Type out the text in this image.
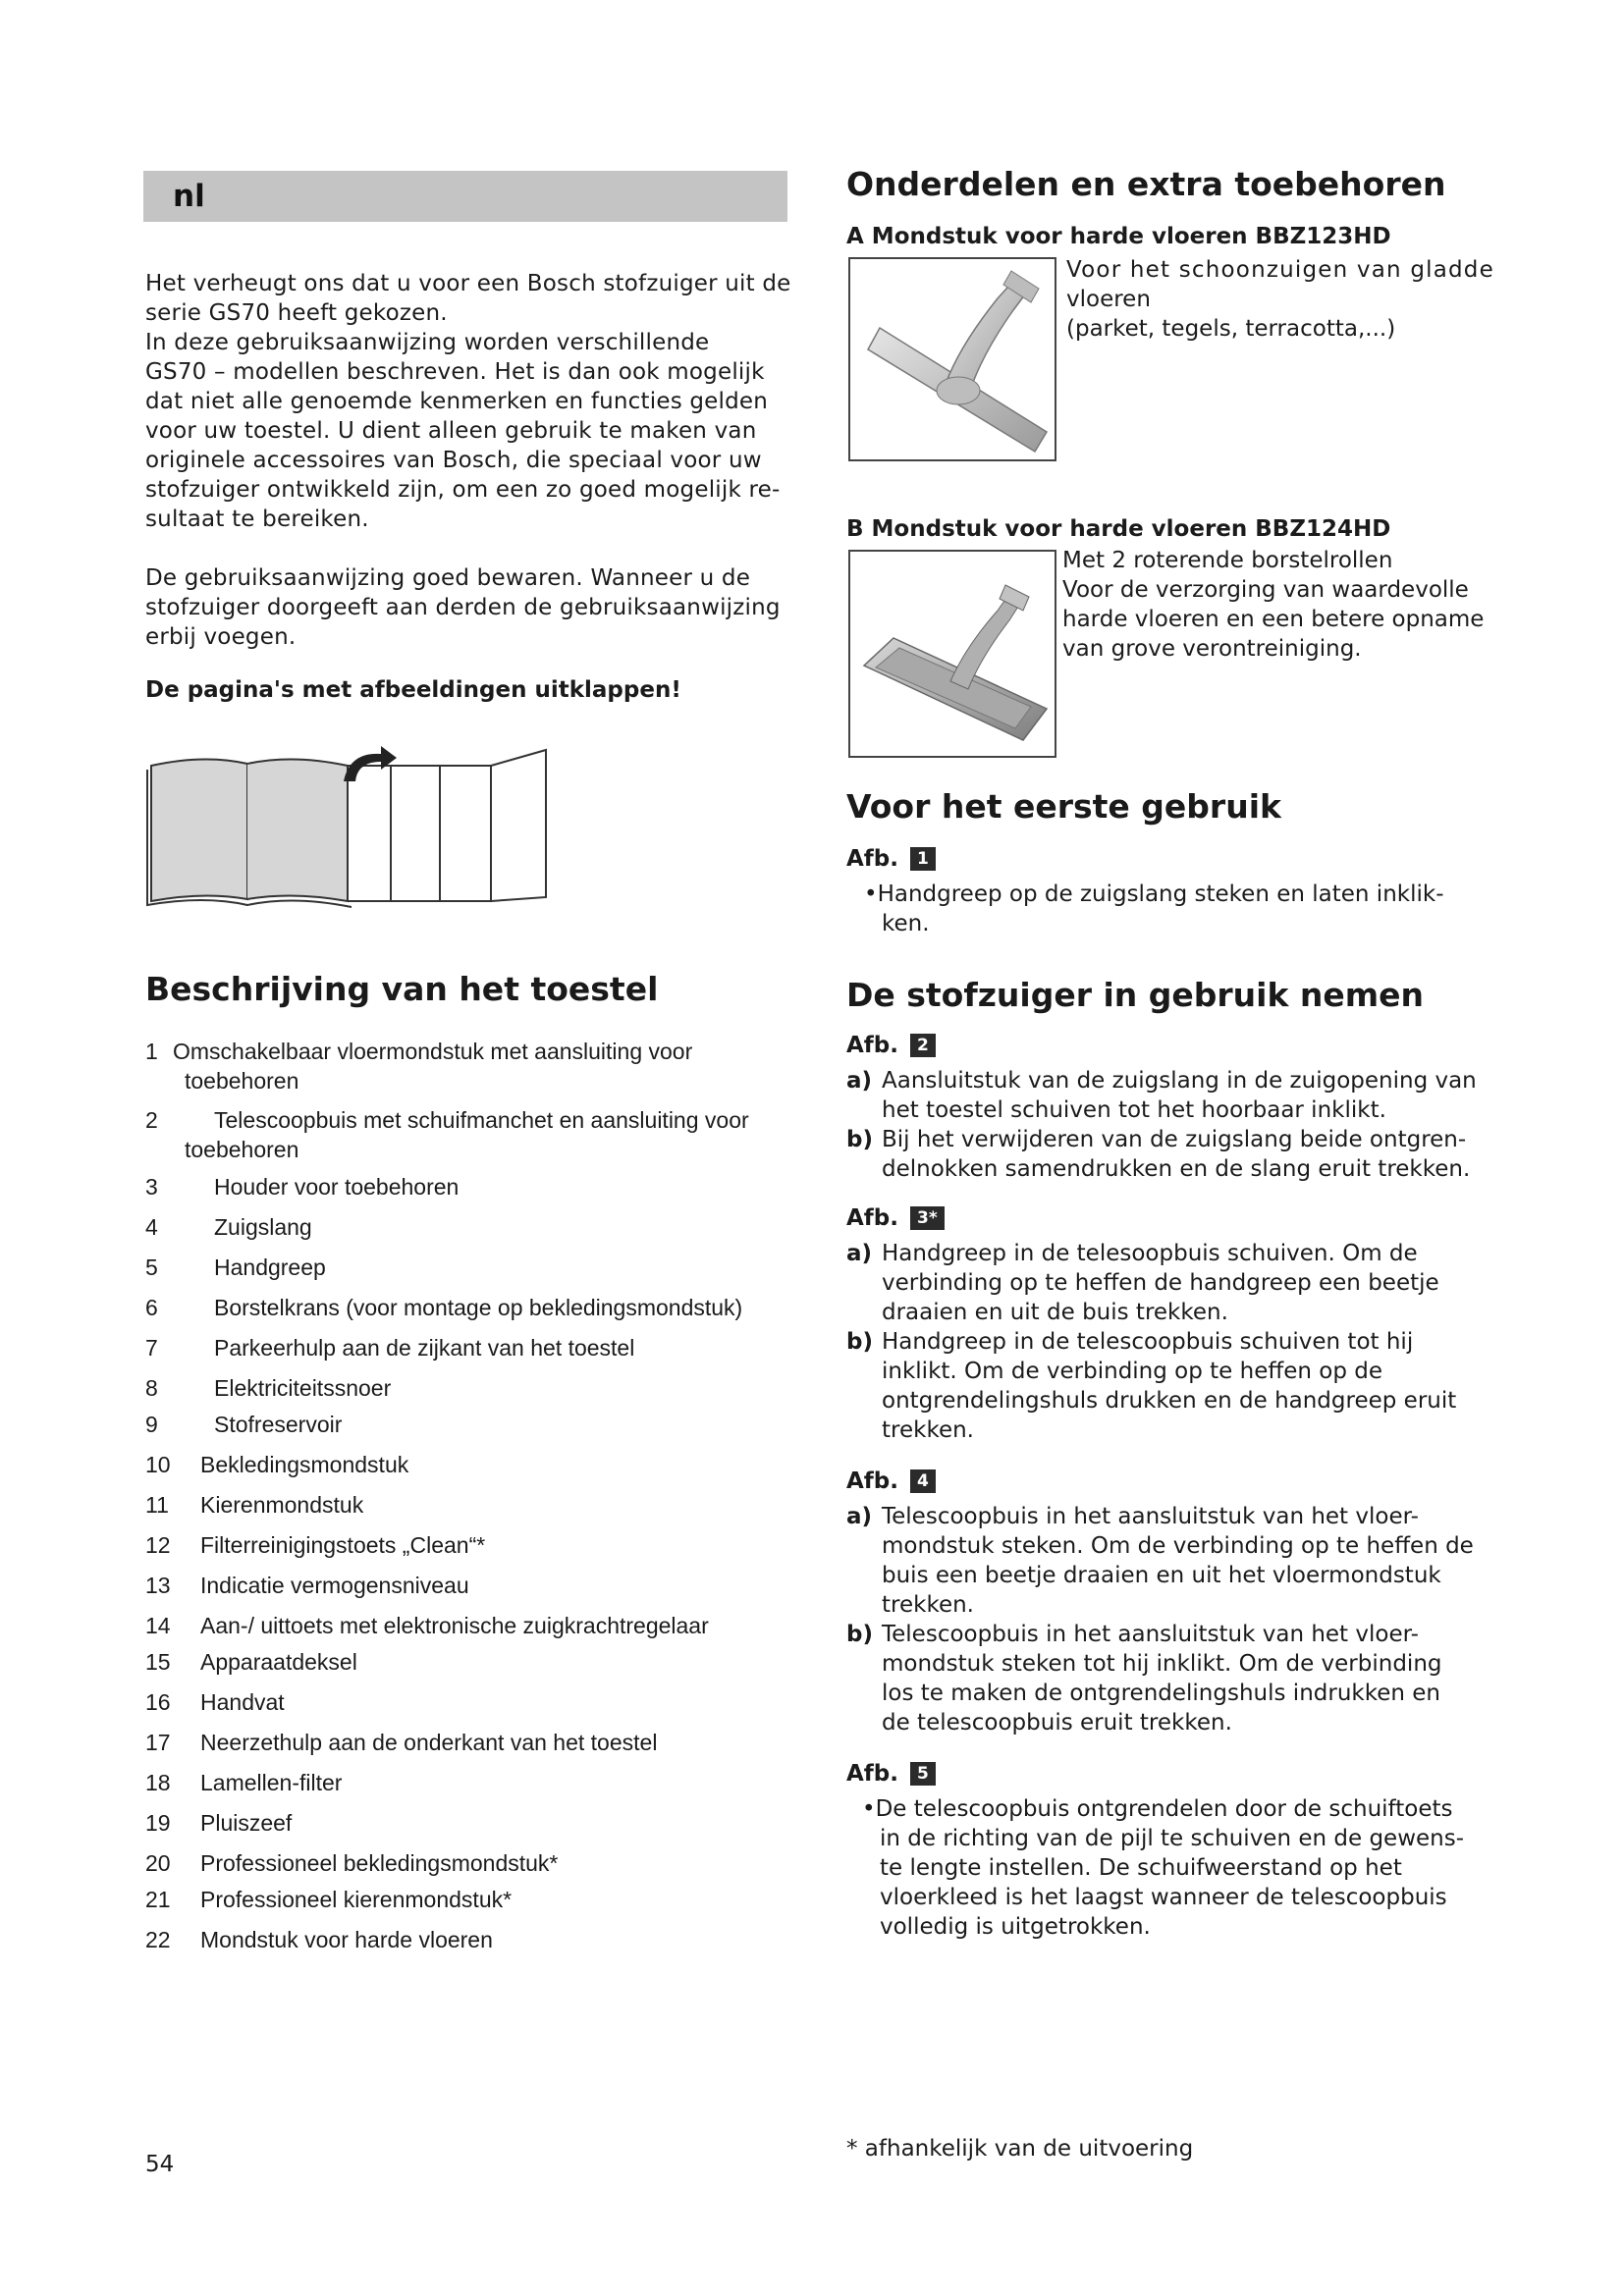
nl

Het verheugt ons dat u voor een Bosch stofzuiger uit de

serie GS70 heeft gekozen.

In deze gebruiksaanwijzing worden verschillende

GS70 – modellen beschreven. Het is dan ook mogelijk

dat niet alle genoemde kenmerken en functies gelden

voor uw toestel. U dient alleen gebruik te maken van

originele accessoires van Bosch, die speciaal voor uw

stofzuiger ontwikkeld zijn, om een zo goed mogelijk re-

sultaat te bereiken.

De gebruiksaanwijzing goed bewaren. Wanneer u de

stofzuiger doorgeeft aan derden de gebruiksaanwijzing

erbij voegen.

De pagina's met afbeeldingen uitklappen!
Beschrijving van het toestel
1 Omschakelbaar vloermondstuk met aansluiting voor
toebehoren
2 Telescoopbuis met schuifmanchet en aansluiting voor
toebehoren
3 Houder voor toebehoren
4 Zuigslang
5 Handgreep
6 Borstelkrans (voor montage op bekledingsmondstuk)
7 Parkeerhulp aan de zijkant van het toestel
8 Elektriciteitssnoer
9 Stofreservoir
10 Bekledingsmondstuk
11 Kierenmondstuk
12 Filterreinigingstoets „Clean“*
13 Indicatie vermogensniveau
14 Aan-/ uittoets met elektronische zuigkrachtregelaar
15 Apparaatdeksel
16 Handvat
17 Neerzethulp aan de onderkant van het toestel
18 Lamellen-filter
19 Pluiszeef
20 Professioneel bekledingsmondstuk*
21 Professioneel kierenmondstuk*
22 Mondstuk voor harde vloeren
Onderdelen en extra toebehoren
A Mondstuk voor harde vloeren BBZ123HD
Voor het schoonzuigen van gladde
vloeren
(parket, tegels, terracotta,...)
B Mondstuk voor harde vloeren BBZ124HD
Met 2 roterende borstelrollen
Voor de verzorging van waardevolle
harde vloeren en een betere opname
van grove verontreiniging.
Voor het eerste gebruik
Afb.	1
•Handgreep op de zuigslang steken en laten inklik-
ken.
De stofzuiger in gebruik nemen
Afb.	2
a) Aansluitstuk van de zuigslang in de zuigopening van
het toestel schuiven tot het hoorbaar inklikt.
b) Bij het verwijderen van de zuigslang beide ontgren-
delnokken samendrukken en de slang eruit trekken.
Afb.	3*
a) Handgreep in de telesoopbuis schuiven. Om de
verbinding op te heffen de handgreep een beetje
draaien en uit de buis trekken.
b) Handgreep in de telescoopbuis schuiven tot hij
inklikt. Om de verbinding op te heffen op de
ontgrendelingshuls drukken en de handgreep eruit
trekken.
Afb.	4
a) Telescoopbuis in het aansluitstuk van het vloer-
mondstuk steken. Om de verbinding op te heffen de
buis een beetje draaien en uit het vloermondstuk
trekken.
b) Telescoopbuis in het aansluitstuk van het vloer-
mondstuk steken tot hij inklikt. Om de verbinding
los te maken de ontgrendelingshuls indrukken en
de telescoopbuis eruit trekken.
Afb.	5
•De telescoopbuis ontgrendelen door de schuiftoets
in de richting van de pijl te schuiven en de gewens-
te lengte instellen. De schuifweerstand op het
vloerkleed is het laagst wanneer de telescoopbuis
volledig is uitgetrokken.
54
* afhankelijk van de uitvoering
